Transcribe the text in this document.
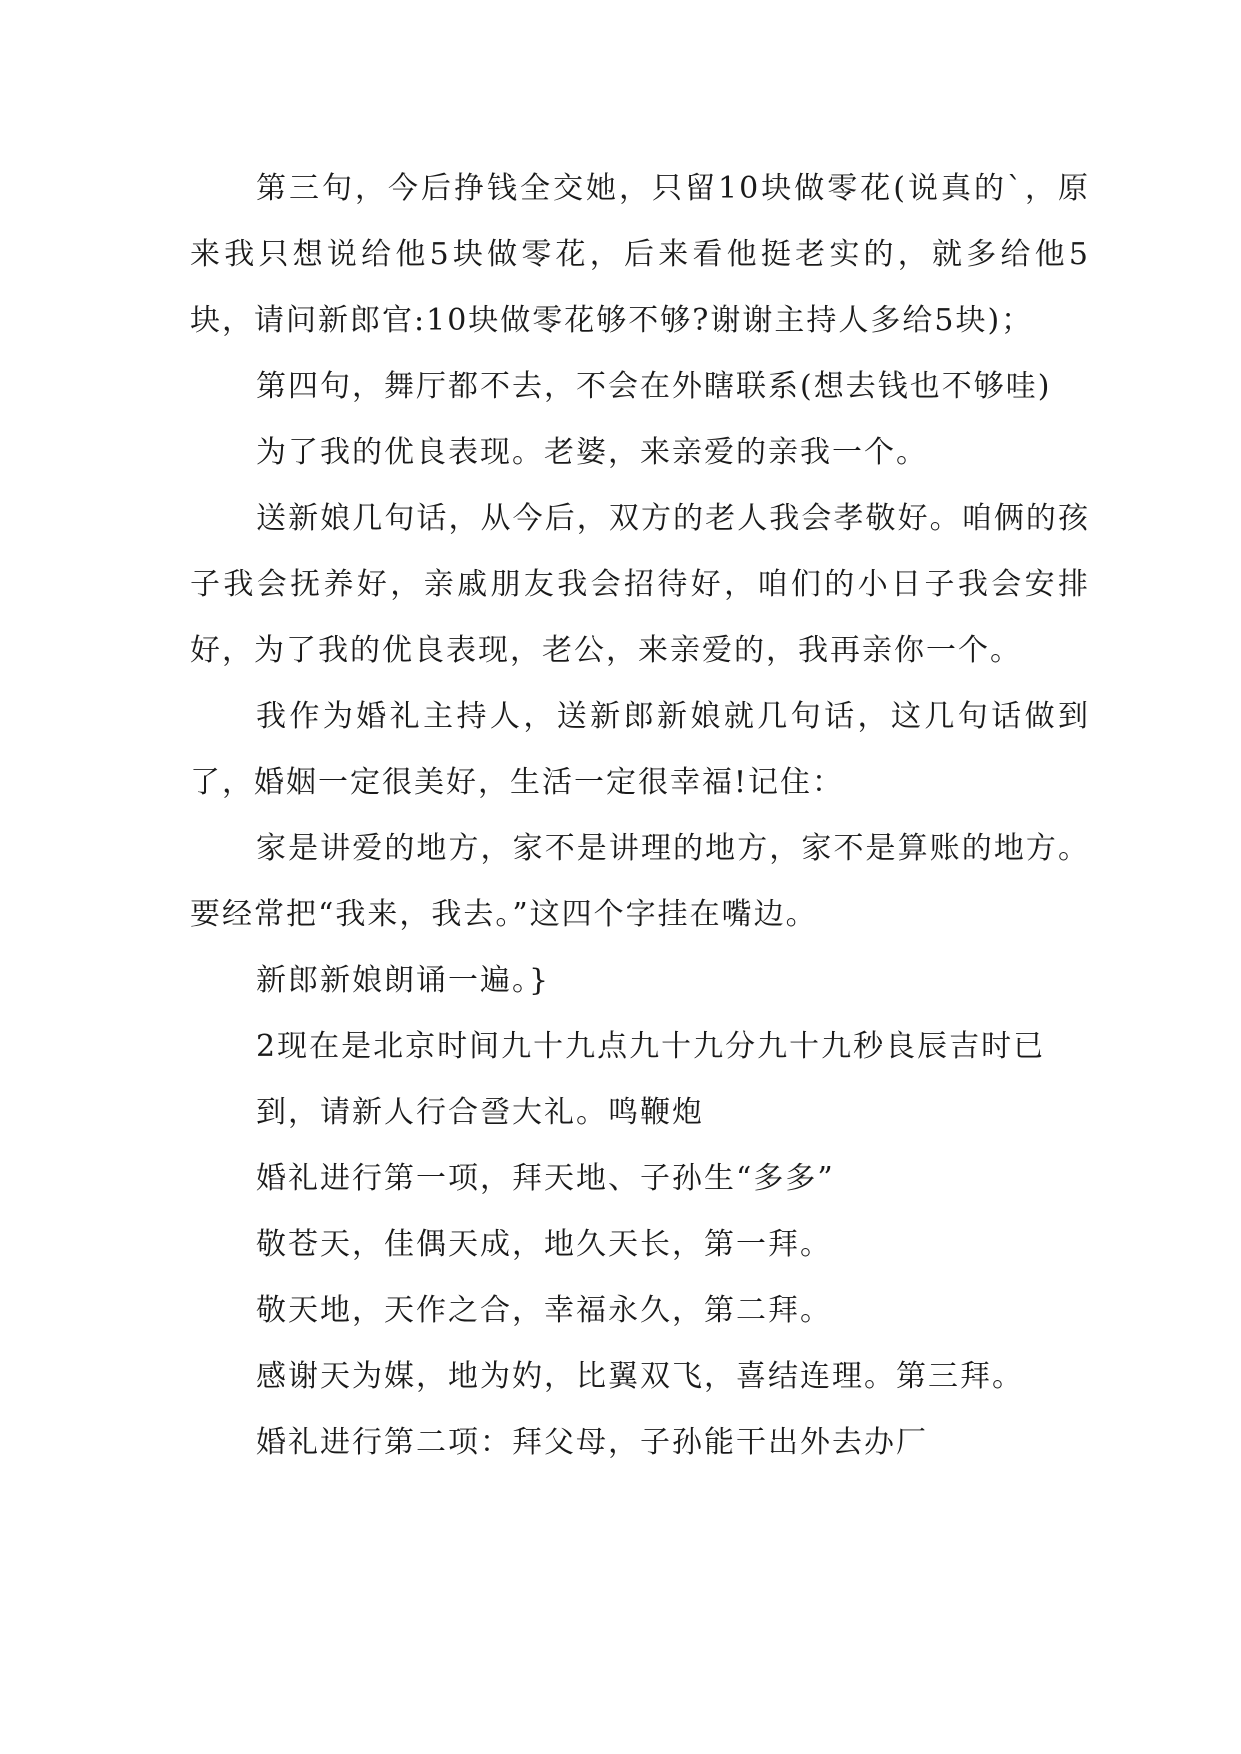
第三句，今后挣钱全交她，只留10块做零花(说真的`，原来我只想说给他5块做零花，后来看他挺老实的，就多给他5块，请问新郎官:10块做零花够不够?谢谢主持人多给5块)；

第四句，舞厅都不去，不会在外瞎联系(想去钱也不够哇)

为了我的优良表现。老婆，来亲爱的亲我一个。

送新娘几句话，从今后，双方的老人我会孝敬好。咱俩的孩子我会抚养好，亲戚朋友我会招待好，咱们的小日子我会安排好，为了我的优良表现，老公，来亲爱的，我再亲你一个。

我作为婚礼主持人，送新郎新娘就几句话，这几句话做到了，婚姻一定很美好，生活一定很幸福!记住：

家是讲爱的地方，家不是讲理的地方，家不是算账的地方。要经常把“我来，我去。”这四个字挂在嘴边。

新郎新娘朗诵一遍。}

2现在是北京时间九十九点九十九分九十九秒良辰吉时已

到，请新人行合巹大礼。鸣鞭炮

婚礼进行第一项，拜天地、子孙生“多多”

敬苍天，佳偶天成，地久天长，第一拜。

敬天地，天作之合，幸福永久，第二拜。

感谢天为媒，地为妁，比翼双飞，喜结连理。第三拜。

婚礼进行第二项：拜父母，子孙能干出外去办厂
